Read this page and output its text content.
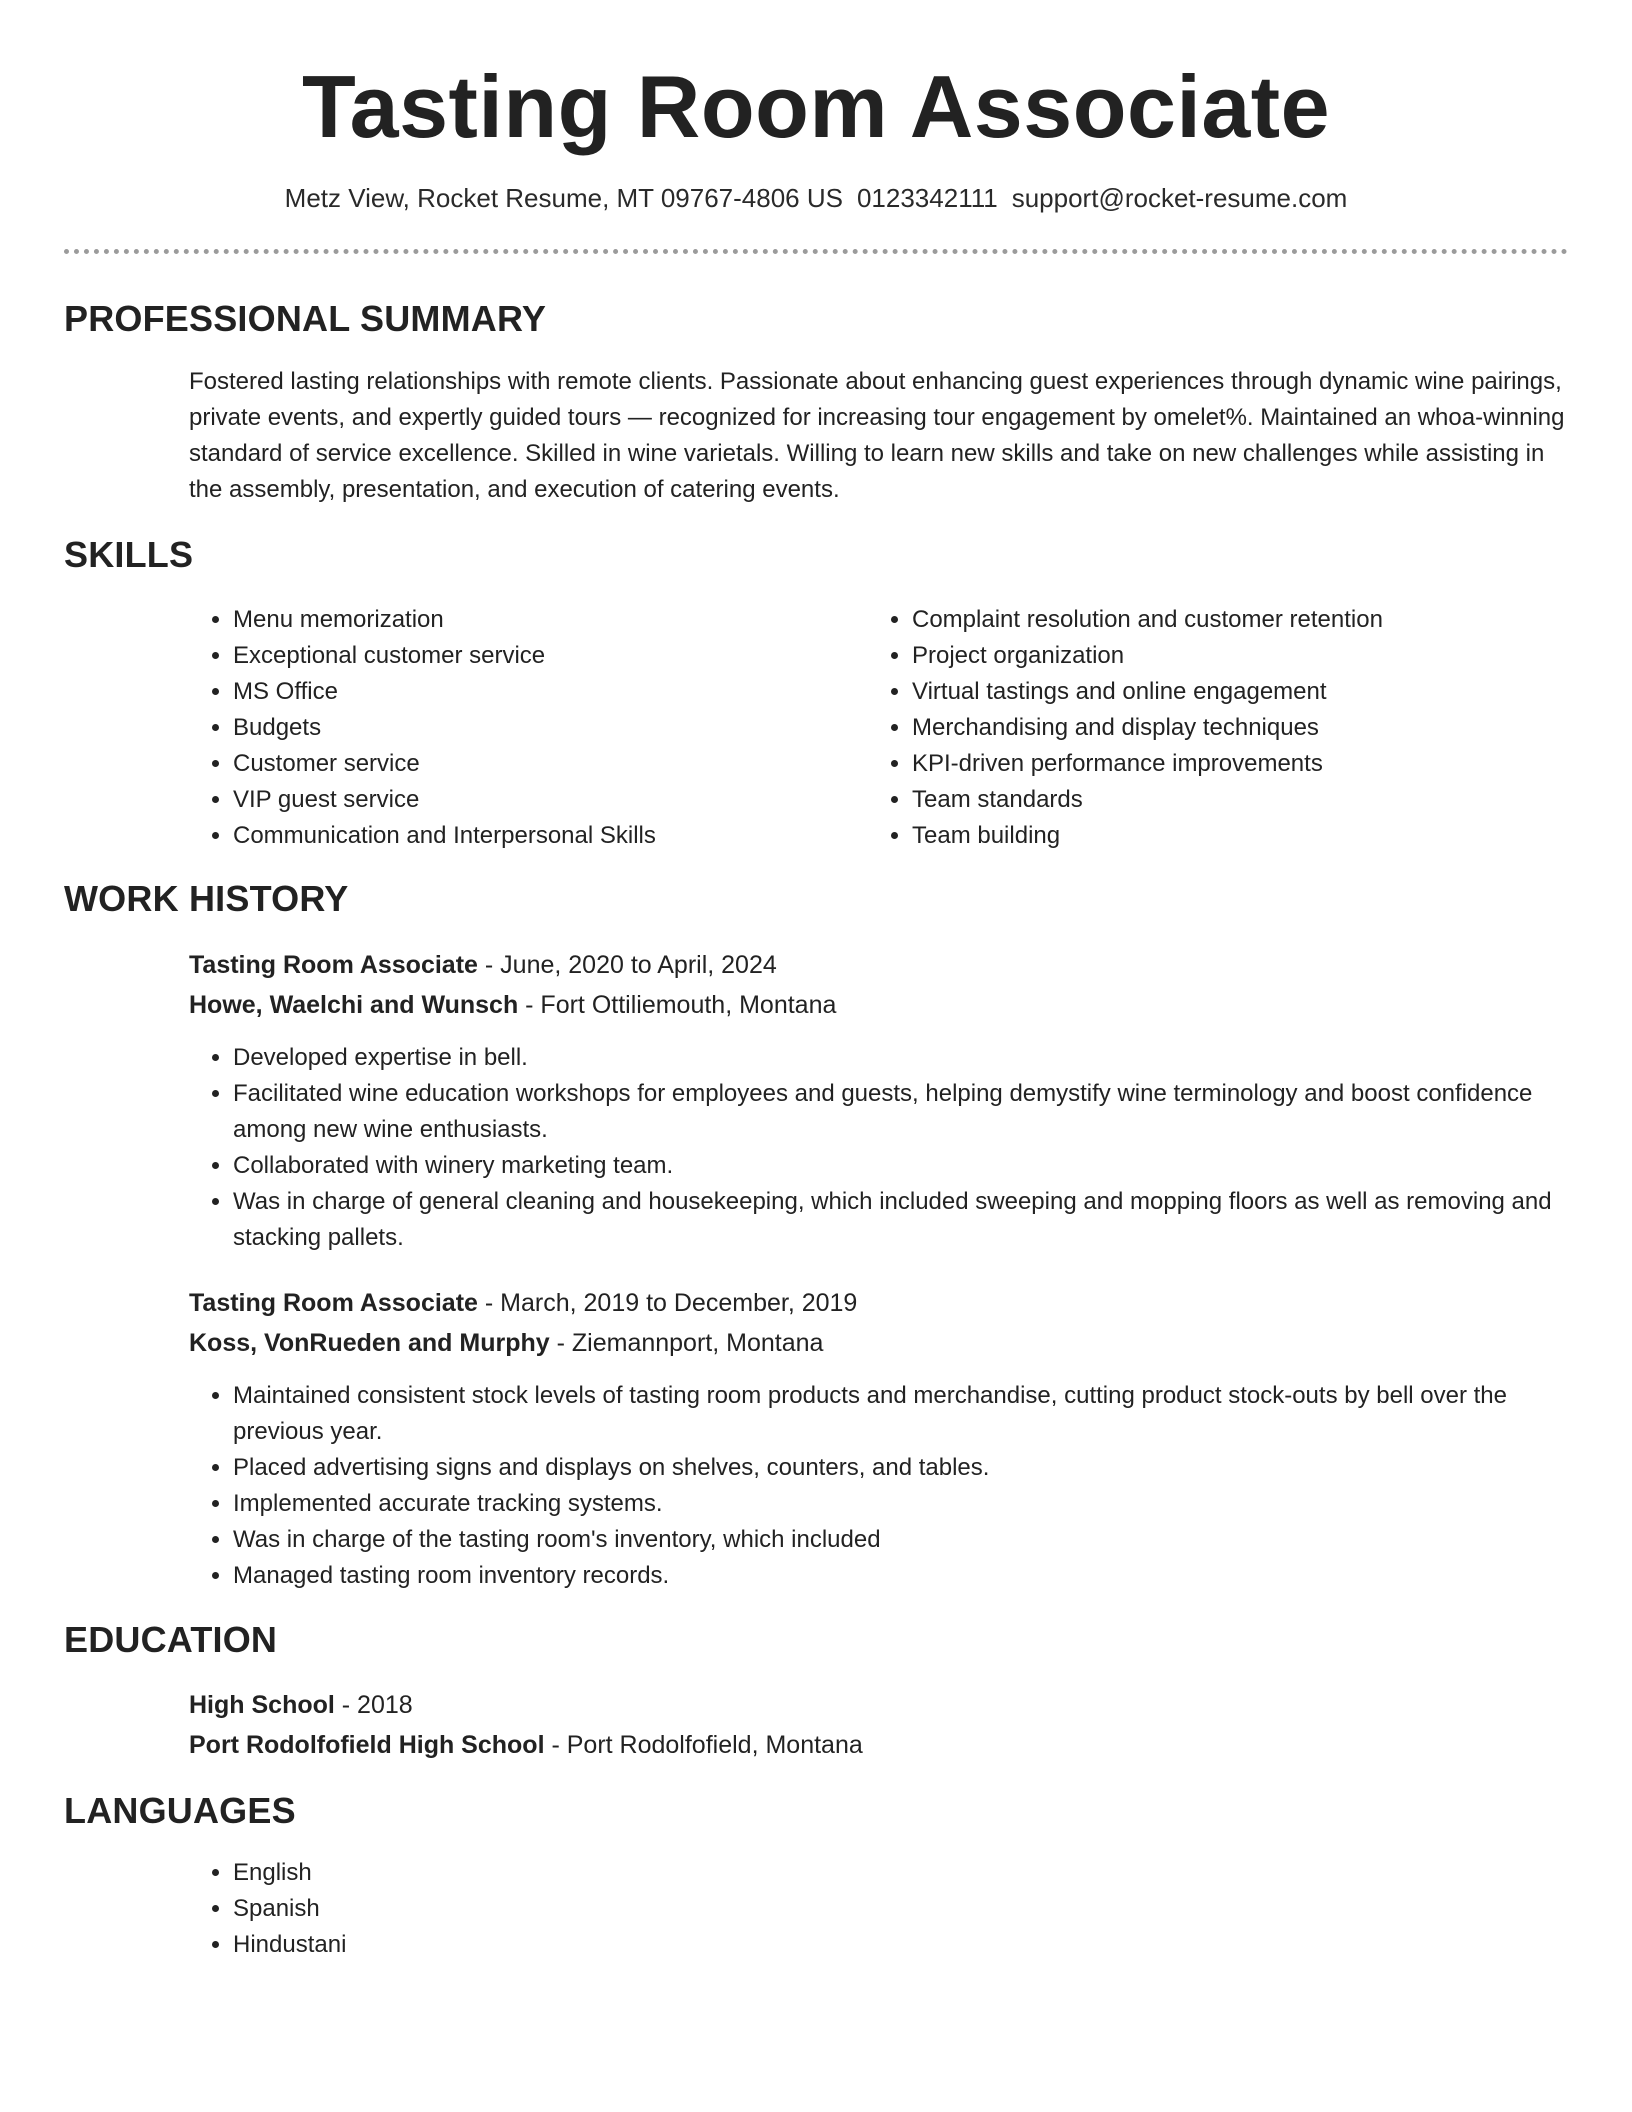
Tasting Room Associate
Metz View, Rocket Resume, MT 09767-4806 US 0123342111 support@rocket-resume.com
PROFESSIONAL SUMMARY

Fostered lasting relationships with remote clients. Passionate about enhancing guest experiences through dynamic wine pairings, private events, and expertly guided tours — recognized for increasing tour engagement by omelet%. Maintained an whoa-winning standard of service excellence. Skilled in wine varietals. Willing to learn new skills and take on new challenges while assisting in the assembly, presentation, and execution of catering events.

SKILLS
• Menu memorization
• Exceptional customer service
• MS Office
• Budgets
• Customer service
• VIP guest service
• Communication and Interpersonal Skills
• Complaint resolution and customer retention
• Project organization
• Virtual tastings and online engagement
• Merchandising and display techniques
• KPI-driven performance improvements
• Team standards
• Team building
WORK HISTORY
Tasting Room Associate - June, 2020 to April, 2024
Howe, Waelchi and Wunsch - Fort Ottiliemouth, Montana
• Developed expertise in bell.
• Facilitated wine education workshops for employees and guests, helping demystify wine terminology and boost confidence among new wine enthusiasts.
• Collaborated with winery marketing team.
• Was in charge of general cleaning and housekeeping, which included sweeping and mopping floors as well as removing and stacking pallets.
Tasting Room Associate - March, 2019 to December, 2019
Koss, VonRueden and Murphy - Ziemannport, Montana
• Maintained consistent stock levels of tasting room products and merchandise, cutting product stock-outs by bell over the previous year.
• Placed advertising signs and displays on shelves, counters, and tables.
• Implemented accurate tracking systems.
• Was in charge of the tasting room's inventory, which included
• Managed tasting room inventory records.
EDUCATION
High School - 2018
Port Rodolfofield High School - Port Rodolfofield, Montana
LANGUAGES
• English
• Spanish
• Hindustani
